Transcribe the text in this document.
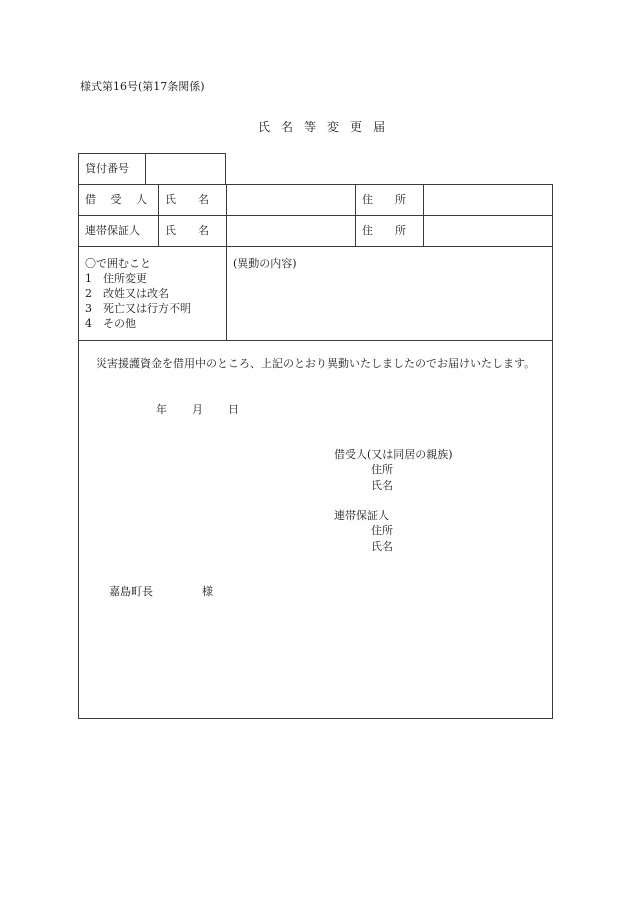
様式第16号(第17条関係)
氏 名 等 変 更 届
貸付番号
借 受 人 氏　　名	住　　所
連帯保証人 氏　　名	住　　所
〇で囲むこと
1　住所変更
2　改姓又は改名
3　死亡又は行方不明
4　その他
(異動の内容)
災害援護資金を借用中のところ、上記のとおり異動いたしましたのでお届けいたします。
年 月 日
借受人(又は同居の親族)
住所
氏名
連帯保証人
住所
氏名
嘉島町長	様
